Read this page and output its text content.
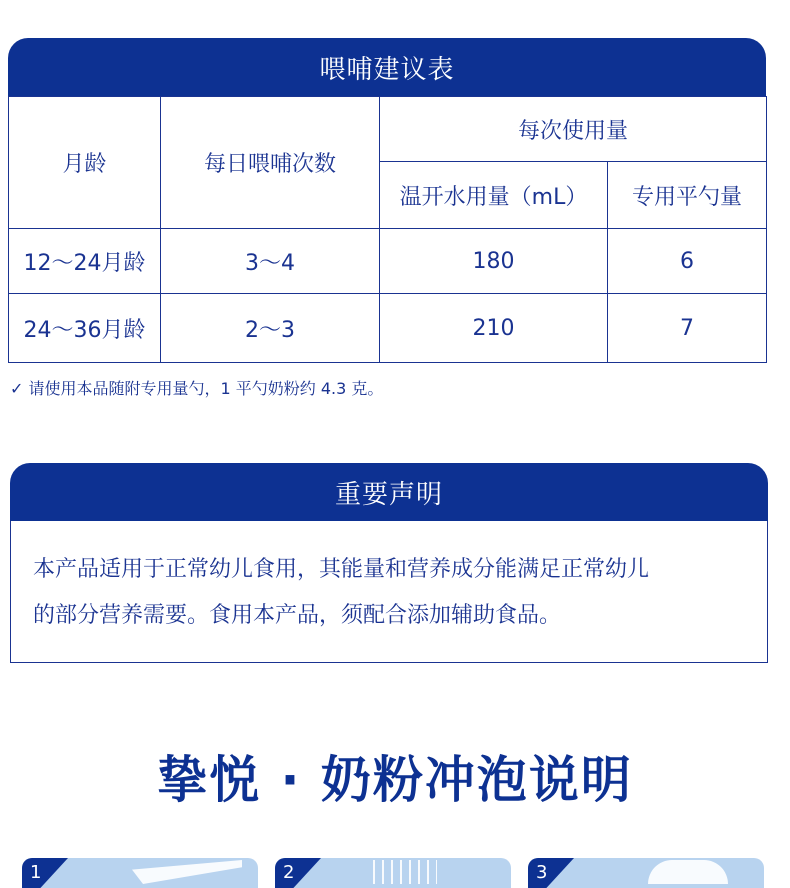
喂哺建议表
月龄	每日喂哺次数	每次使用量	
		温开水用量（mL）	专用平勺量
12～24月龄	3～4	180	6
24～36月龄	2～3	210	7
✓ 请使用本品随附专用量勺，1 平勺奶粉约 4.3 克。
重要声明
本产品适用于正常幼儿食用，其能量和营养成分能满足正常幼儿
的部分营养需要。食用本产品，须配合添加辅助食品。
挚悦 · 奶粉冲泡说明
1	2	3
